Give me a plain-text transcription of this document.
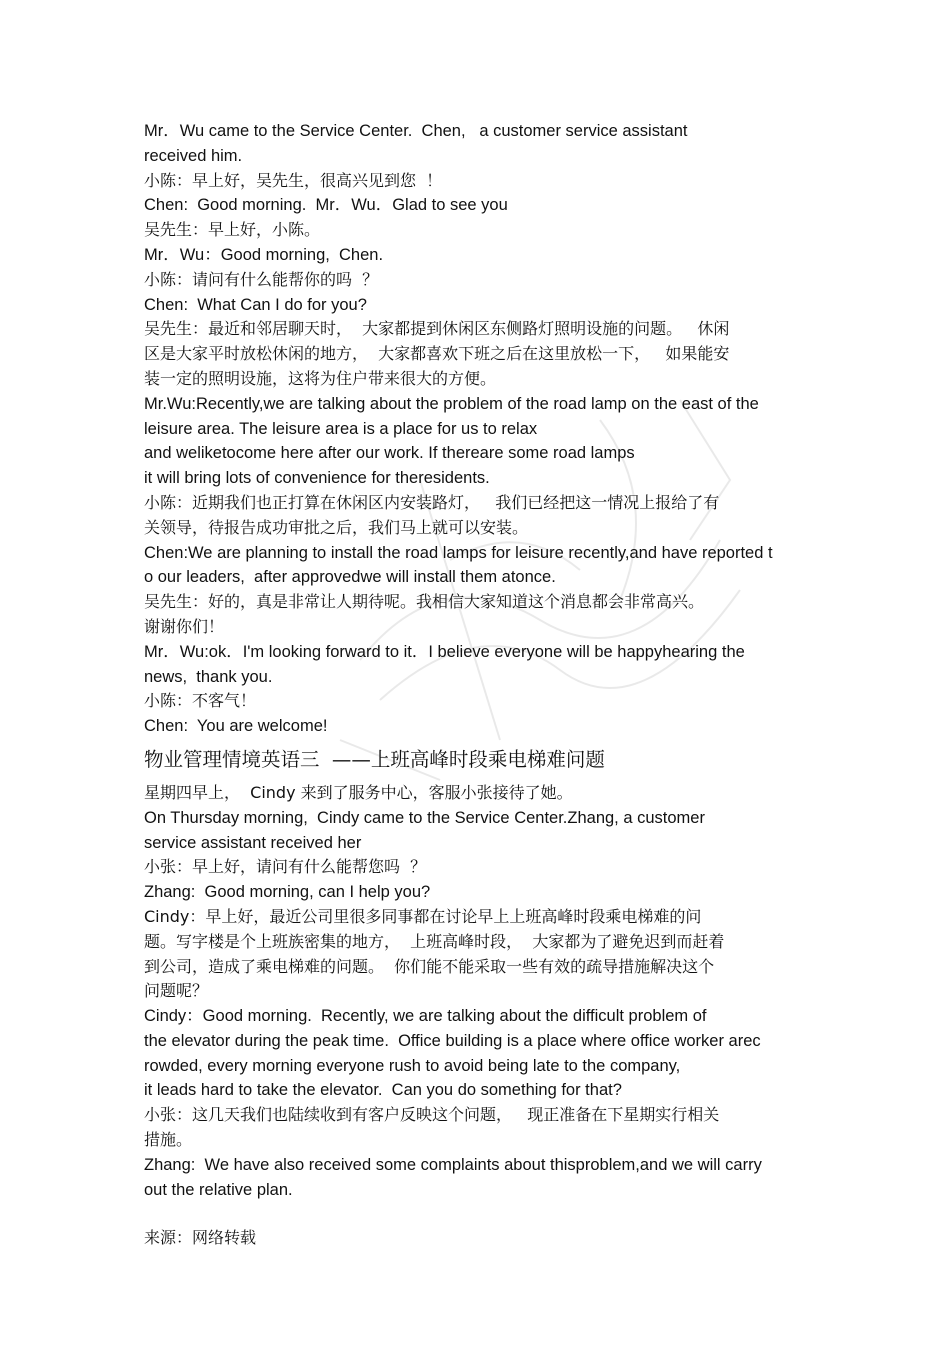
Mr．Wu came to the Service Center.  Chen,   a customer service assistant
received him.
小陈：早上好，吴先生，很高兴见到您  ！
Chen:  Good morning.  Mr．Wu．Glad to see you
吴先生：早上好，小陈。
Mr．Wu：Good morning,  Chen.
小陈：请问有什么能帮你的吗  ？
Chen:  What Can I do for you?
吴先生：最近和邻居聊天时，  大家都提到休闲区东侧路灯照明设施的问题。   休闲
区是大家平时放松休闲的地方，  大家都喜欢下班之后在这里放松一下，   如果能安
装一定的照明设施，这将为住户带来很大的方便。
Mr.Wu:Recently,we are talking about the problem of the road lamp on the east of the
leisure area. The leisure area is a place for us to relax
and weliketocome here after our work. If thereare some road lamps
it will bring lots of convenience for theresidents.
小陈：近期我们也正打算在休闲区内安装路灯，   我们已经把这一情况上报给了有
关领导，待报告成功审批之后，我们马上就可以安装。
Chen:We are planning to install the road lamps for leisure recently,and have reported t
o our leaders,  after approvedwe will install them atonce.
吴先生：好的，真是非常让人期待呢。我相信大家知道这个消息都会非常高兴。
谢谢你们！
Mr．Wu:ok．I'm looking forward to it．I believe everyone will be happyhearing the
news,  thank you.
小陈：不客气！
Chen:  You are welcome!
物业管理情境英语三  ——上班高峰时段乘电梯难问题
星期四早上，  Cindy 来到了服务中心，客服小张接待了她。
On Thursday morning,  Cindy came to the Service Center.Zhang, a customer
service assistant received her
小张：早上好，请问有什么能帮您吗  ？
Zhang:  Good morning, can I help you?
Cindy：早上好，最近公司里很多同事都在讨论早上上班高峰时段乘电梯难的问
题。写字楼是个上班族密集的地方，  上班高峰时段，  大家都为了避免迟到而赶着
到公司，造成了乘电梯难的问题。  你们能不能采取一些有效的疏导措施解决这个
问题呢？
Cindy：Good morning.  Recently, we are talking about the difficult problem of
the elevator during the peak time.  Office building is a place where office worker arec
rowded, every morning everyone rush to avoid being late to the company,
it leads hard to take the elevator.  Can you do something for that?
小张：这几天我们也陆续收到有客户反映这个问题，   现正准备在下星期实行相关
措施。
Zhang:  We have also received some complaints about thisproblem,and we will carry
out the relative plan.
来源：网络转载
